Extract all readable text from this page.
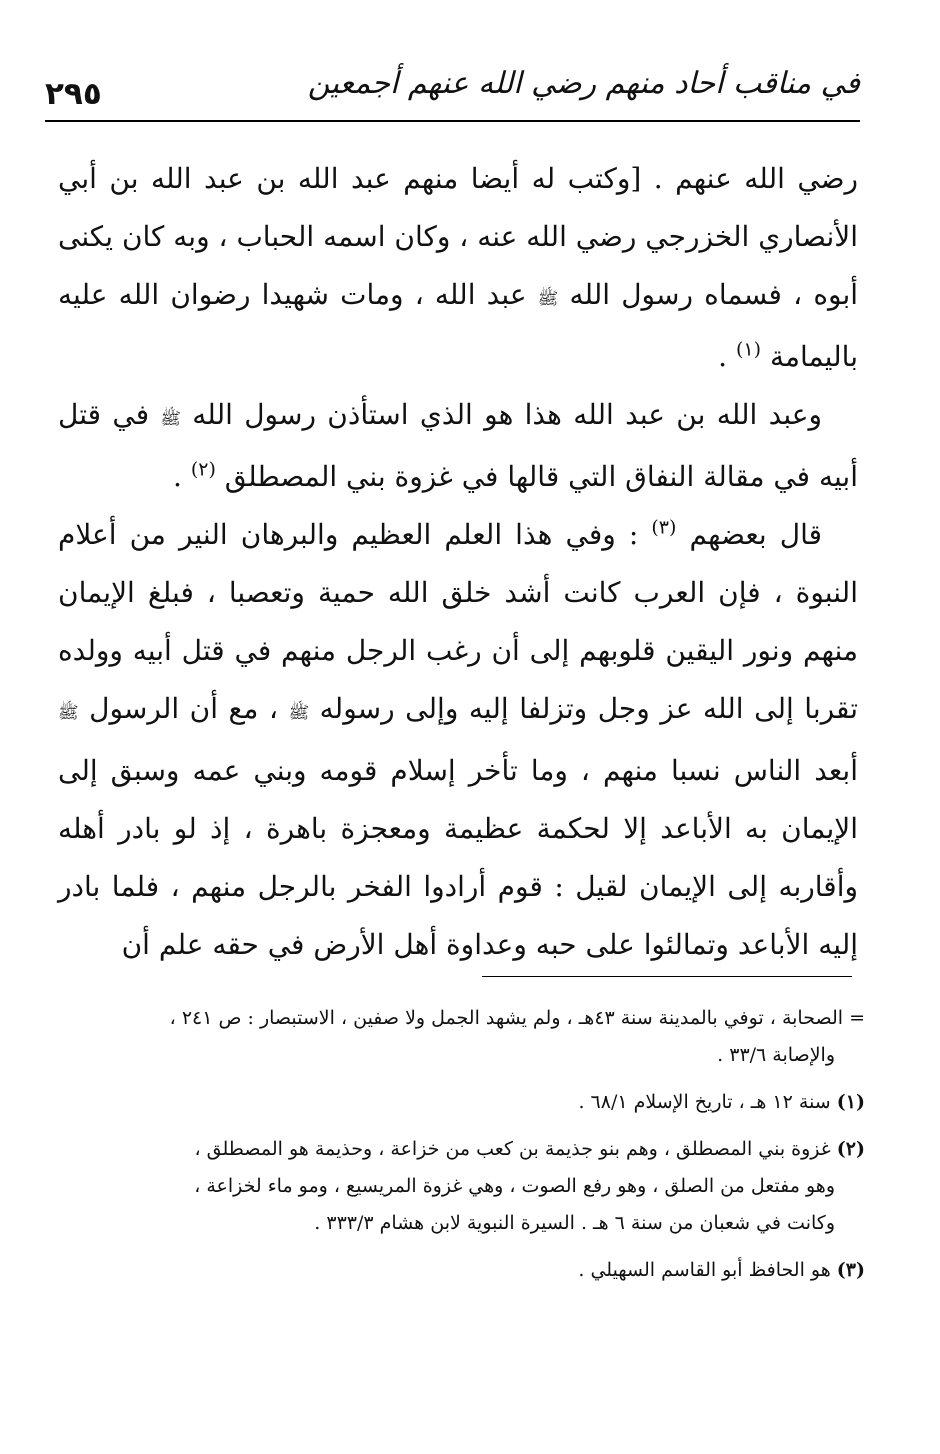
٢٩٥	في مناقب أحاد منهم رضي الله عنهم أجمعين

رضي الله عنهم . [وكتب له أيضا منهم عبد الله بن عبد الله بن أبي الأنصاري الخزرجي رضي الله عنه ، وكان اسمه الحباب ، وبه كان يكنى أبوه ، فسماه رسول الله ﷺ عبد الله ، ومات شهيدا رضوان الله عليه باليمامة $^{(١)}$ .

وعبد الله بن عبد الله هذا هو الذي استأذن رسول الله ﷺ في قتل أبيه في مقالة النفاق التي قالها في غزوة بني المصطلق $^{(٢)}$ .

قال بعضهم $^{(٣)}$ : وفي هذا العلم العظيم والبرهان النير من أعلام النبوة ، فإن العرب كانت أشد خلق الله حمية وتعصبا ، فبلغ الإيمان منهم ونور اليقين قلوبهم إلى أن رغب الرجل منهم في قتل أبيه وولده تقربا إلى الله عز وجل وتزلفا إليه وإلى رسوله ﷺ ، مع أن الرسول ﷺ أبعد الناس نسبا منهم ، وما تأخر إسلام قومه وبني عمه وسبق إلى الإيمان به الأباعد إلا لحكمة عظيمة ومعجزة باهرة ، إذ لو بادر أهله وأقاربه إلى الإيمان لقيل : قوم أرادوا الفخر بالرجل منهم ، فلما بادر إليه الأباعد وتمالئوا على حبه وعداوة أهل الأرض في حقه علم أن

= الصحابة ، توفي بالمدينة سنة ٤٣هـ ، ولم يشهد الجمل ولا صفين ، الاستبصار : ص ٢٤١ ،
والإصابة ٣٣/٦ .

(١) سنة ١٢ هـ ، تاريخ الإسلام ٦٨/١ .

(٢) غزوة بني المصطلق ، وهم بنو جذيمة بن كعب من خزاعة ، وحذيمة هو المصطلق ،
وهو مفتعل من الصلق ، وهو رفع الصوت ، وهي غزوة المريسيع ، ومو ماء لخزاعة ،
وكانت في شعبان من سنة ٦ هـ . السيرة النبوية لابن هشام ٣٣٣/٣ .

(٣) هو الحافظ أبو القاسم السهيلي .
